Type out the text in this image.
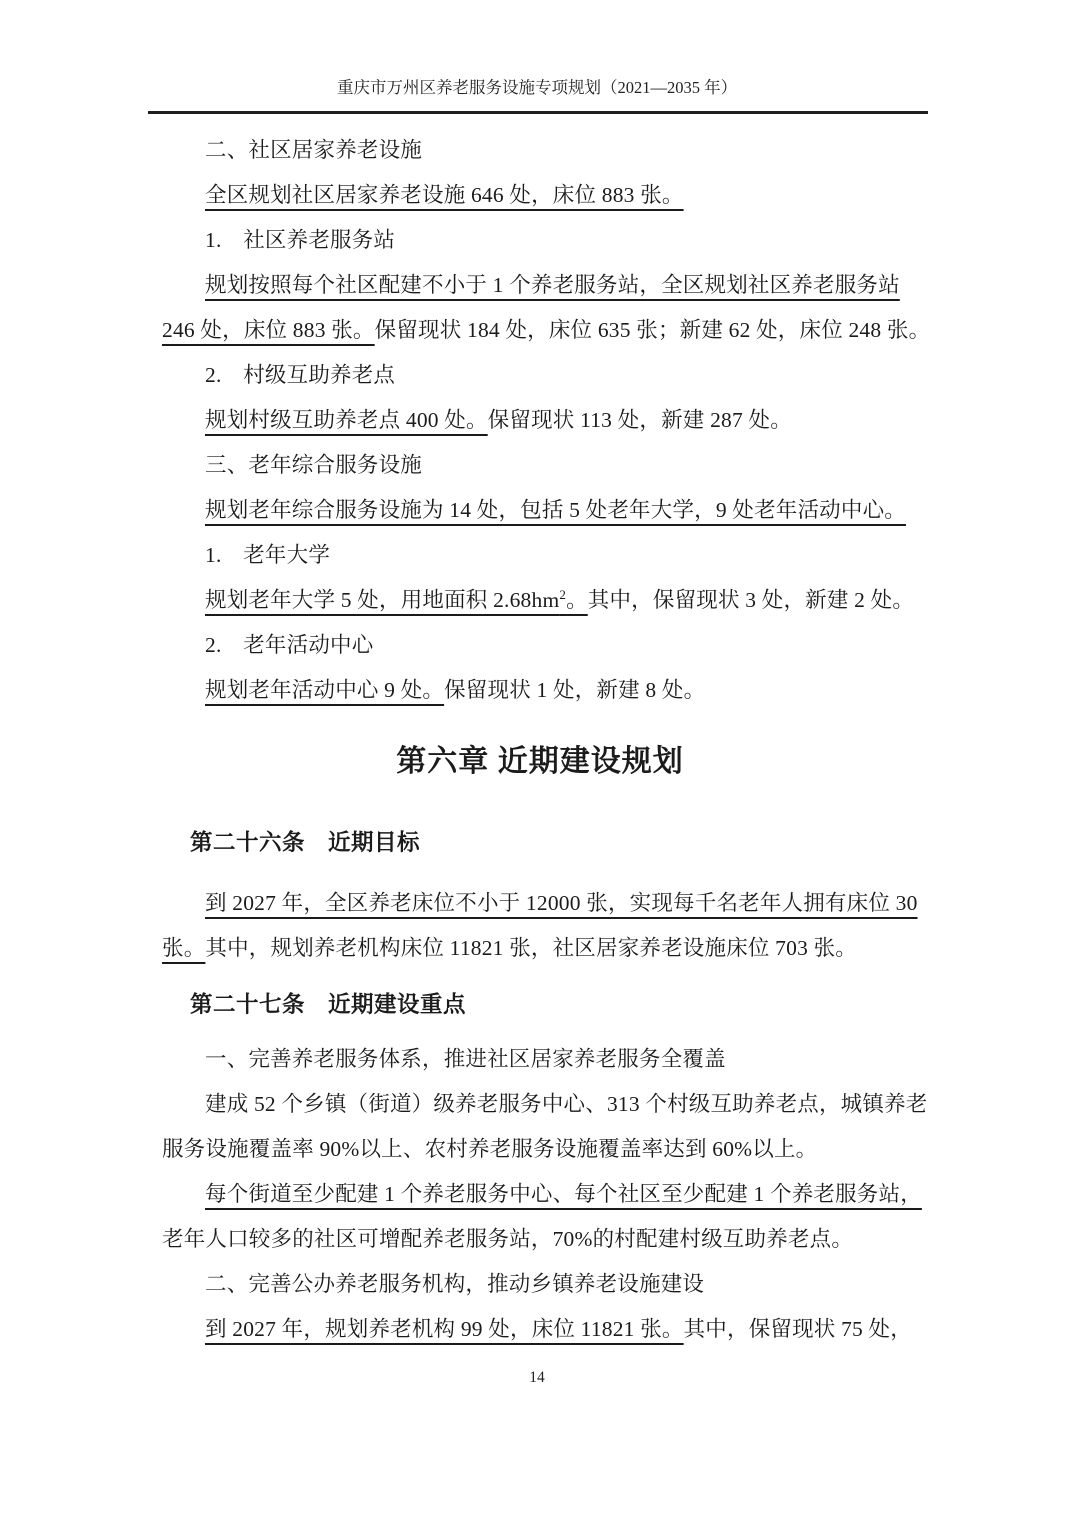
重庆市万州区养老服务设施专项规划（2021—2035 年）
二、社区居家养老设施
全区规划社区居家养老设施 646 处，床位 883 张。
1.　社区养老服务站
规划按照每个社区配建不小于 1 个养老服务站，全区规划社区养老服务站
246 处，床位 883 张。保留现状 184 处，床位 635 张；新建 62 处，床位 248 张。
2.　村级互助养老点
规划村级互助养老点 400 处。保留现状 113 处，新建 287 处。
三、老年综合服务设施
规划老年综合服务设施为 14 处，包括 5 处老年大学，9 处老年活动中心。
1.　老年大学
规划老年大学 5 处，用地面积 $2.68hm^2$。其中，保留现状 3 处，新建 2 处。
2.　老年活动中心
规划老年活动中心 9 处。保留现状 1 处，新建 8 处。
第六章 近期建设规划
第二十六条　近期目标
到 2027 年，全区养老床位不小于 12000 张，实现每千名老年人拥有床位 30
张。其中，规划养老机构床位 11821 张，社区居家养老设施床位 703 张。
第二十七条　近期建设重点
一、完善养老服务体系，推进社区居家养老服务全覆盖
建成 52 个乡镇（街道）级养老服务中心、313 个村级互助养老点，城镇养老
服务设施覆盖率 90%以上、农村养老服务设施覆盖率达到 60%以上。
每个街道至少配建 1 个养老服务中心、每个社区至少配建 1 个养老服务站，
老年人口较多的社区可增配养老服务站，70%的村配建村级互助养老点。
二、完善公办养老服务机构，推动乡镇养老设施建设
到 2027 年，规划养老机构 99 处，床位 11821 张。其中，保留现状 75 处，
14
